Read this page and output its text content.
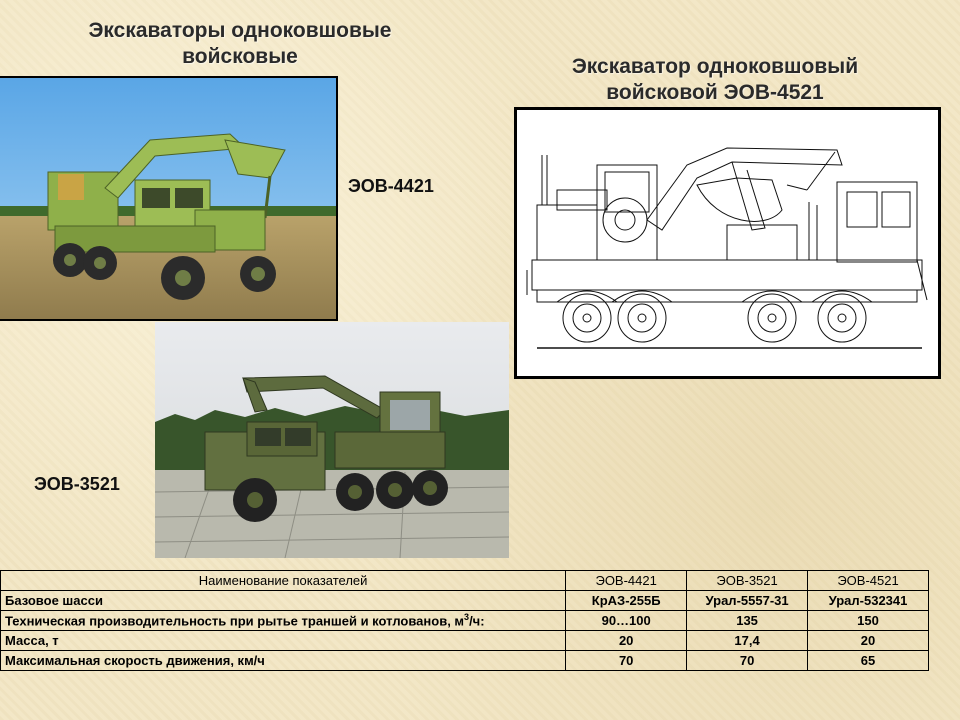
Экскаваторы одноковшовые
войсковые	Экскаватор одноковшовый
войсковой ЭОВ-4521
ЭОВ-4421
ЭОВ-3521
Наименование показателей	ЭОВ-4421	ЭОВ-3521	ЭОВ-4521
Базовое шасси	КрАЗ-255Б	Урал-5557-31	Урал-532341
Техническая производительность при рытье траншей и котлованов, $м^3/ч$:	90…100	135	150
Масса, т	20	17,4	20
Максимальная скорость движения, км/ч	70	70	65
